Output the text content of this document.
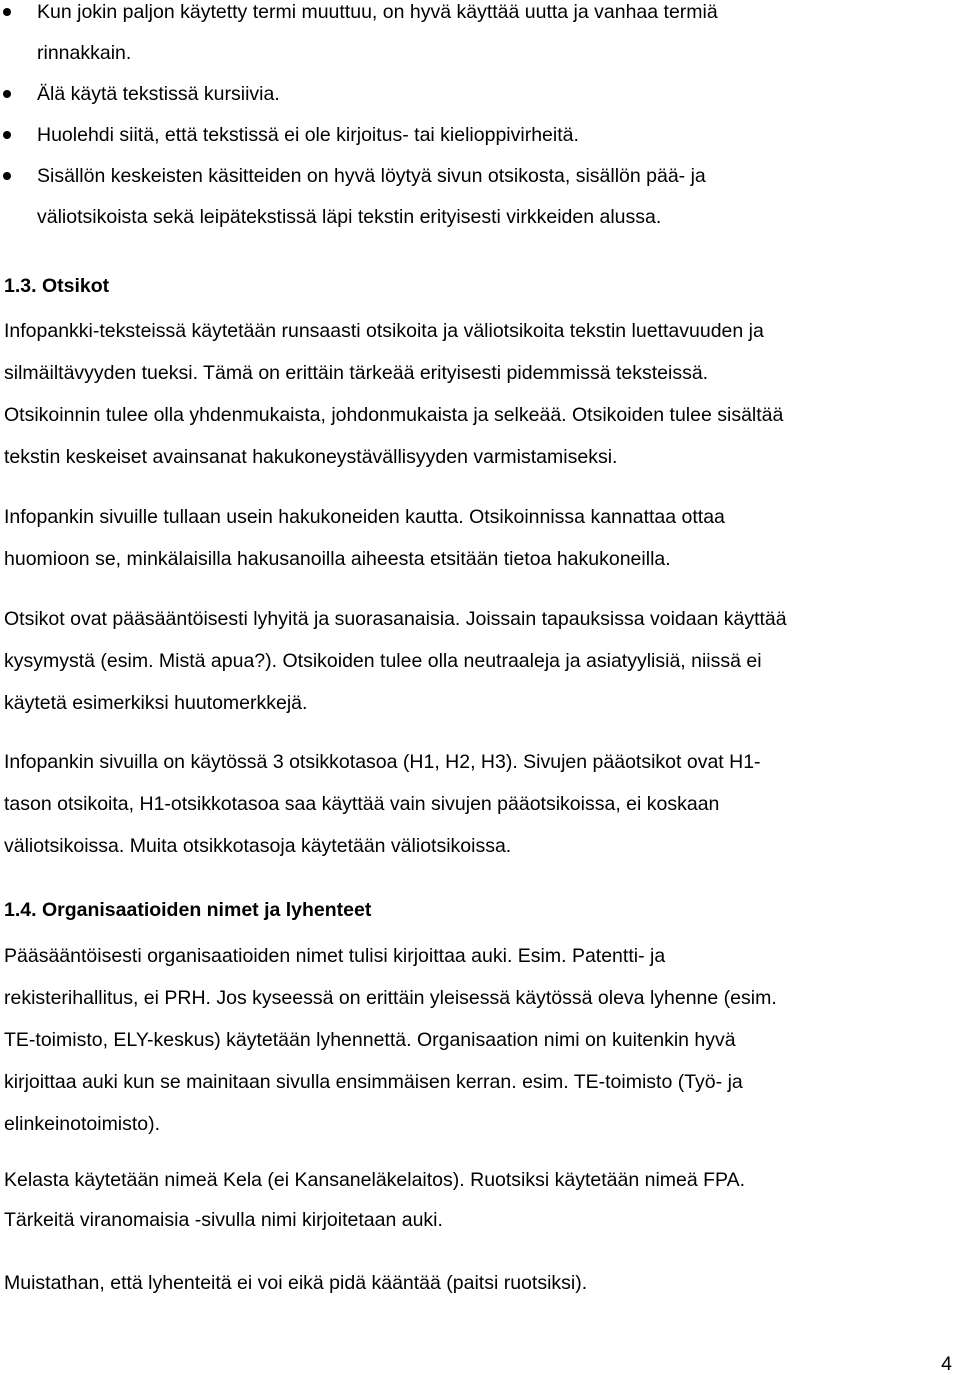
Kun jokin paljon käytetty termi muuttuu, on hyvä käyttää uutta ja vanhaa termiä
rinnakkain.
Älä käytä tekstissä kursiivia.
Huolehdi siitä, että tekstissä ei ole kirjoitus- tai kielioppivirheitä.
Sisällön keskeisten käsitteiden on hyvä löytyä sivun otsikosta, sisällön pää- ja
väliotsikoista sekä leipätekstissä läpi tekstin erityisesti virkkeiden alussa.
1.3. Otsikot

Infopankki-teksteissä käytetään runsaasti otsikoita ja väliotsikoita tekstin luettavuuden ja
silmäiltävyyden tueksi. Tämä on erittäin tärkeää erityisesti pidemmissä teksteissä.
Otsikoinnin tulee olla yhdenmukaista, johdonmukaista ja selkeää. Otsikoiden tulee sisältää
tekstin keskeiset avainsanat hakukoneystävällisyyden varmistamiseksi.

Infopankin sivuille tullaan usein hakukoneiden kautta. Otsikoinnissa kannattaa ottaa
huomioon se, minkälaisilla hakusanoilla aiheesta etsitään tietoa hakukoneilla.

Otsikot ovat pääsääntöisesti lyhyitä ja suorasanaisia. Joissain tapauksissa voidaan käyttää
kysymystä (esim. Mistä apua?). Otsikoiden tulee olla neutraaleja ja asiatyylisiä, niissä ei
käytetä esimerkiksi huutomerkkejä.

Infopankin sivuilla on käytössä 3 otsikkotasoa (H1, H2, H3). Sivujen pääotsikot ovat H1-
tason otsikoita, H1-otsikkotasoa saa käyttää vain sivujen pääotsikoissa, ei koskaan
väliotsikoissa. Muita otsikkotasoja käytetään väliotsikoissa.

1.4. Organisaatioiden nimet ja lyhenteet

Pääsääntöisesti organisaatioiden nimet tulisi kirjoittaa auki. Esim. Patentti- ja
rekisterihallitus, ei PRH. Jos kyseessä on erittäin yleisessä käytössä oleva lyhenne (esim.
TE-toimisto, ELY-keskus) käytetään lyhennettä. Organisaation nimi on kuitenkin hyvä
kirjoittaa auki kun se mainitaan sivulla ensimmäisen kerran. esim. TE-toimisto (Työ- ja
elinkeinotoimisto).

Kelasta käytetään nimeä Kela (ei Kansaneläkelaitos). Ruotsiksi käytetään nimeä FPA.
Tärkeitä viranomaisia -sivulla nimi kirjoitetaan auki.

Muistathan, että lyhenteitä ei voi eikä pidä kääntää (paitsi ruotsiksi).

4
